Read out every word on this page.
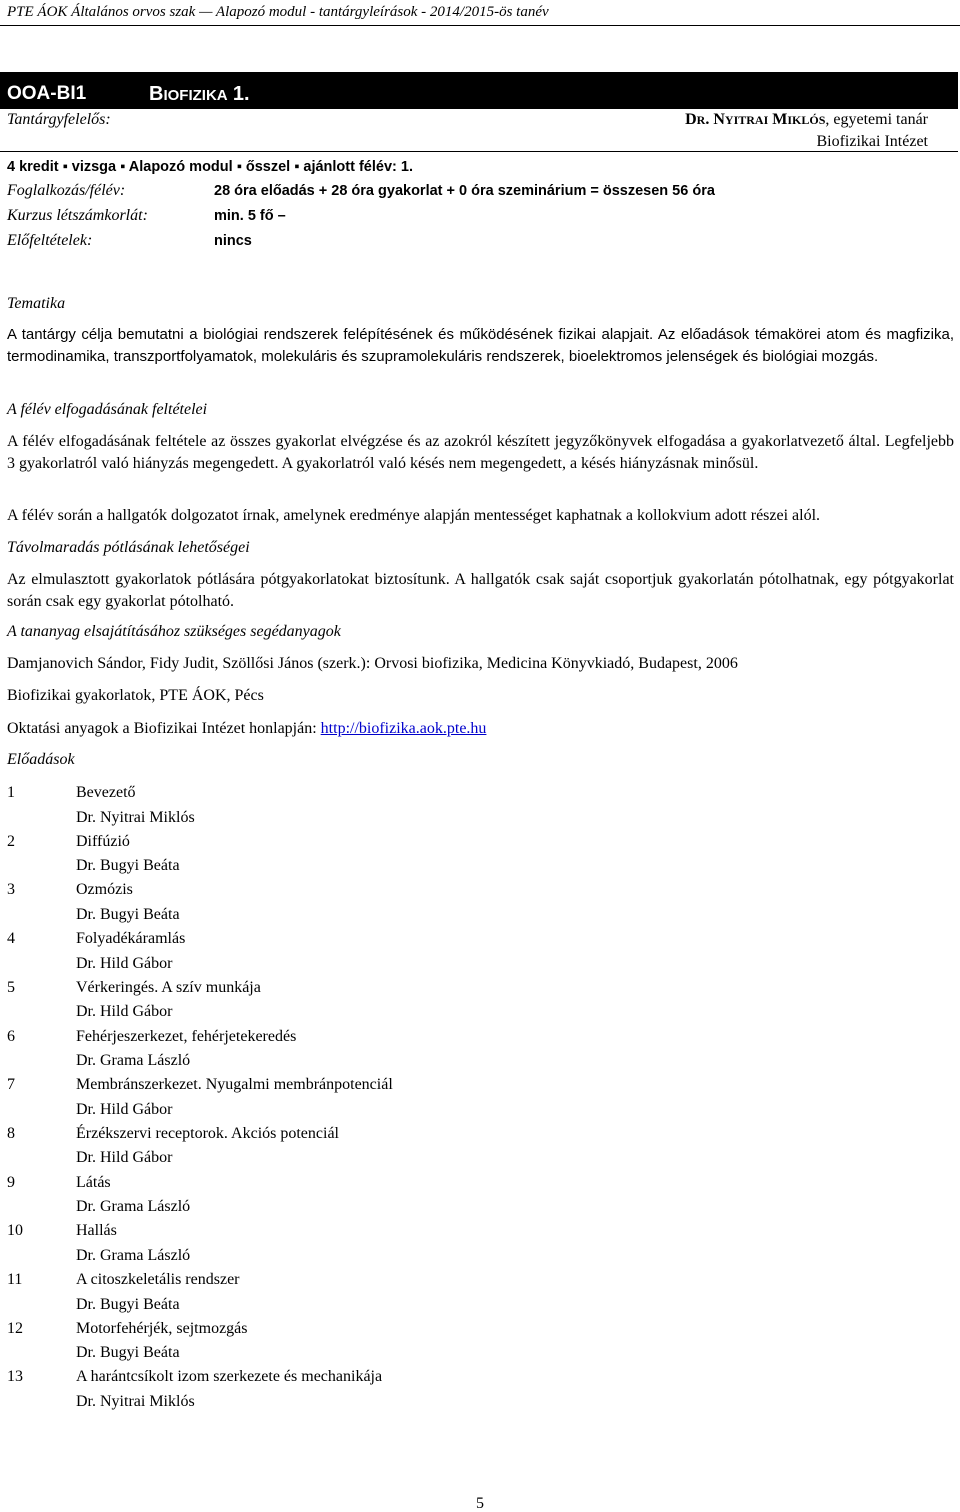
PTE ÁOK Általános orvos szak — Alapozó modul - tantárgyleírások - 2014/2015-ös tanév
OOA-BI1	BIOFIZIKA 1.
Tantárgyfelelős:	DR. NYITRAI MIKLÓS, egyetemi tanár
Biofizikai Intézet
4 kredit ▪ vizsga ▪ Alapozó modul ▪ ősszel ▪ ajánlott félév: 1.
Foglalkozás/félév:	28 óra előadás + 28 óra gyakorlat + 0 óra szeminárium = összesen 56 óra
Kurzus létszámkorlát:	min. 5 fő –
Előfeltételek:	nincs
Tematika
A tantárgy célja bemutatni a biológiai rendszerek felépítésének és működésének fizikai alapjait. Az előadások témakörei atom és magfizika, termodinamika, transzportfolyamatok, molekuláris és szupramolekuláris rendszerek, bioelektromos jelenségek és biológiai mozgás.
A félév elfogadásának feltételei
A félév elfogadásának feltétele az összes gyakorlat elvégzése és az azokról készített jegyzőkönyvek elfogadása a gyakorlatvezető által. Legfeljebb 3 gyakorlatról való hiányzás megengedett. A gyakorlatról való késés nem megengedett, a késés hiányzásnak minősül.
A félév során a hallgatók dolgozatot írnak, amelynek eredménye alapján mentességet kaphatnak a kollokvium adott részei alól.
Távolmaradás pótlásának lehetőségei
Az elmulasztott gyakorlatok pótlására pótgyakorlatokat biztosítunk. A hallgatók csak saját csoportjuk gyakorlatán pótolhatnak, egy pótgyakorlat során csak egy gyakorlat pótolható.
A tananyag elsajátításához szükséges segédanyagok
Damjanovich Sándor, Fidy Judit, Szöllősi János (szerk.): Orvosi biofizika, Medicina Könyvkiadó, Budapest, 2006
Biofizikai gyakorlatok, PTE ÁOK, Pécs
Oktatási anyagok a Biofizikai Intézet honlapján: http://biofizika.aok.pte.hu
Előadások
1	Bevezető
Dr. Nyitrai Miklós
2	Diffúzió
Dr. Bugyi Beáta
3	Ozmózis
Dr. Bugyi Beáta
4	Folyadékáramlás
Dr. Hild Gábor
5	Vérkeringés. A szív munkája
Dr. Hild Gábor
6	Fehérjeszerkezet, fehérjetekeredés
Dr. Grama László
7	Membránszerkezet. Nyugalmi membránpotenciál
Dr. Hild Gábor
8	Érzékszervi receptorok. Akciós potenciál
Dr. Hild Gábor
9	Látás
Dr. Grama László
10	Hallás
Dr. Grama László
11	A citoszkeletális rendszer
Dr. Bugyi Beáta
12	Motorfehérjék, sejtmozgás
Dr. Bugyi Beáta
13	A harántcsíkolt izom szerkezete és mechanikája
Dr. Nyitrai Miklós
5
